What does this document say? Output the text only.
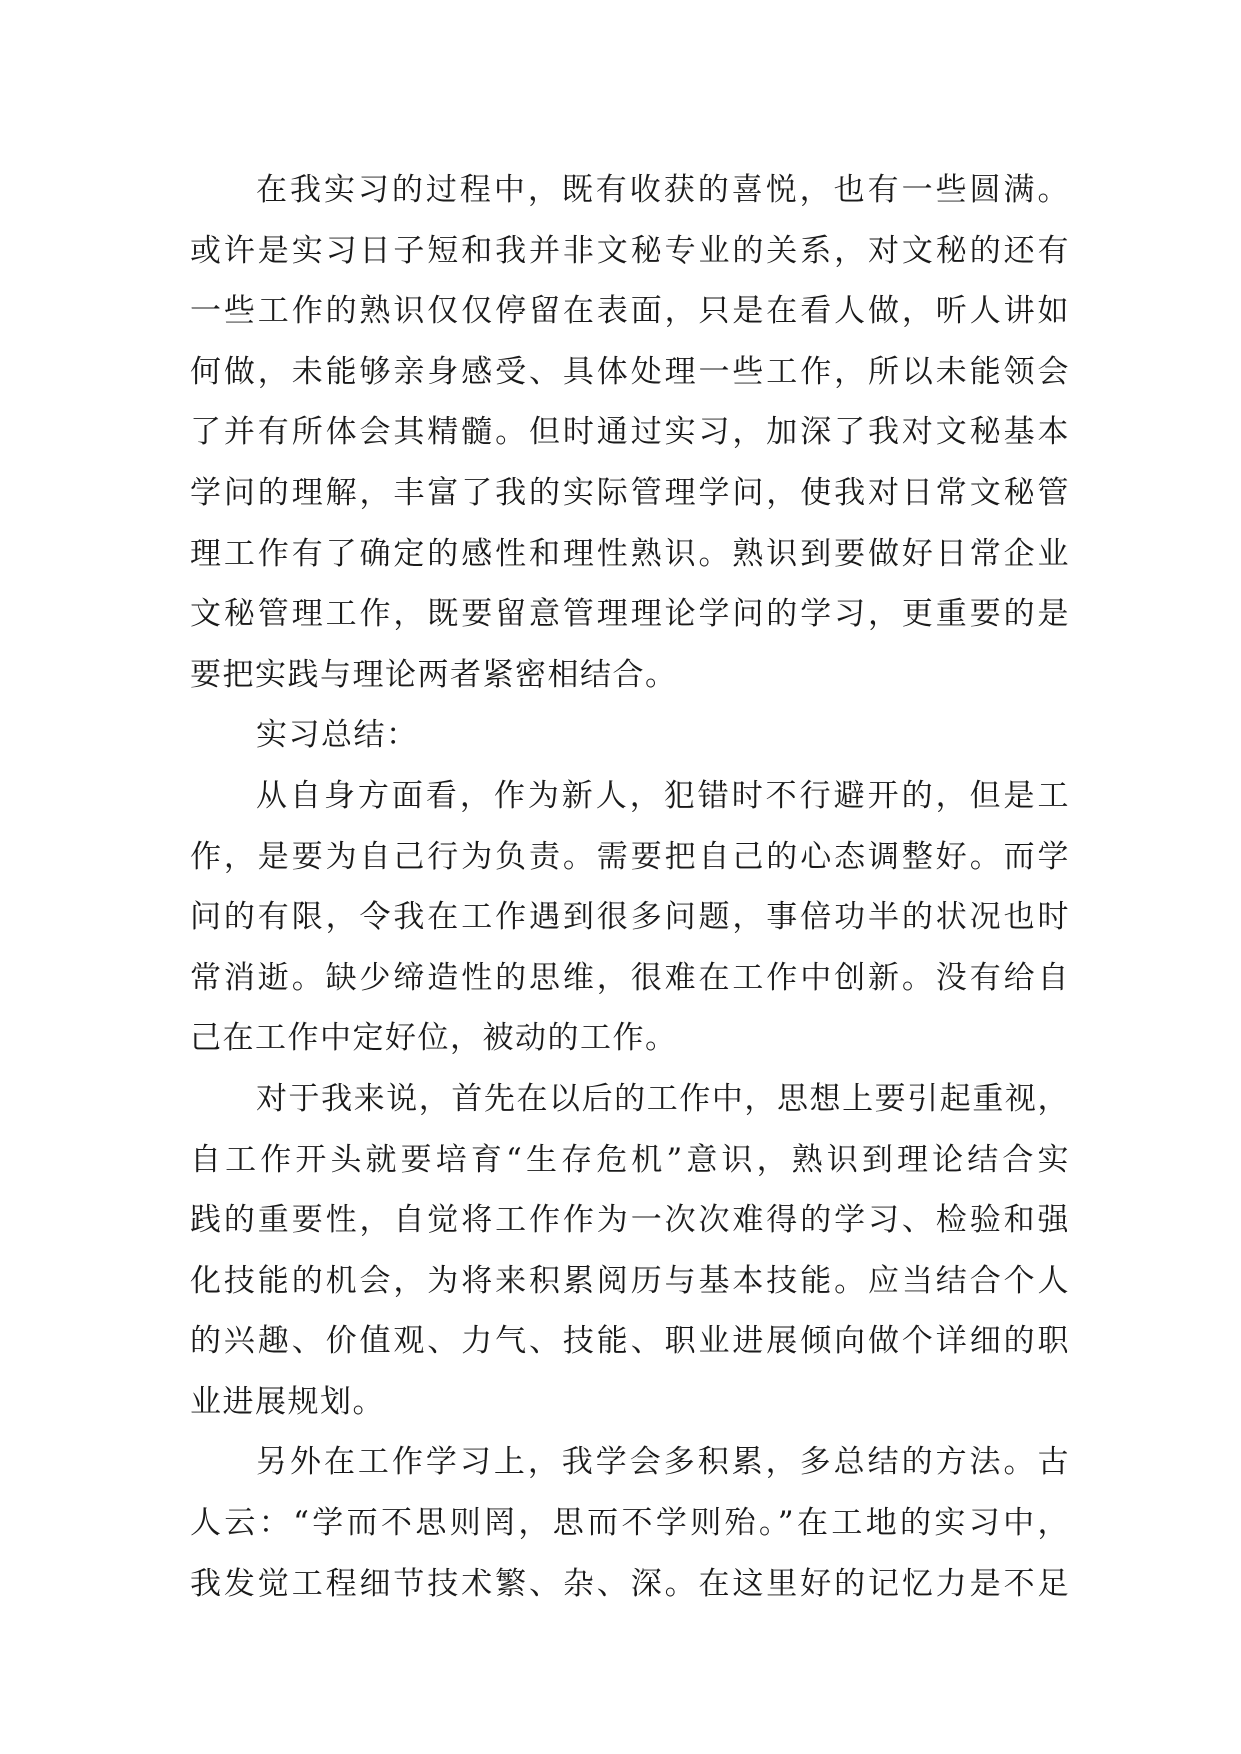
在我实习的过程中，既有收获的喜悦，也有一些圆满。
或许是实习日子短和我并非文秘专业的关系，对文秘的还有
一些工作的熟识仅仅停留在表面，只是在看人做，听人讲如
何做，未能够亲身感受、具体处理一些工作，所以未能领会
了并有所体会其精髓。但时通过实习，加深了我对文秘基本
学问的理解，丰富了我的实际管理学问，使我对日常文秘管
理工作有了确定的感性和理性熟识。熟识到要做好日常企业
文秘管理工作，既要留意管理理论学问的学习，更重要的是
要把实践与理论两者紧密相结合。
实习总结：
从自身方面看，作为新人，犯错时不行避开的，但是工
作，是要为自己行为负责。需要把自己的心态调整好。而学
问的有限，令我在工作遇到很多问题，事倍功半的状况也时
常消逝。缺少缔造性的思维，很难在工作中创新。没有给自
己在工作中定好位，被动的工作。
对于我来说，首先在以后的工作中，思想上要引起重视，
自工作开头就要培育“生存危机”意识，熟识到理论结合实
践的重要性，自觉将工作作为一次次难得的学习、检验和强
化技能的机会，为将来积累阅历与基本技能。应当结合个人
的兴趣、价值观、力气、技能、职业进展倾向做个详细的职
业进展规划。
另外在工作学习上，我学会多积累，多总结的方法。古
人云：“学而不思则罔，思而不学则殆。”在工地的实习中，
我发觉工程细节技术繁、杂、深。在这里好的记忆力是不足
